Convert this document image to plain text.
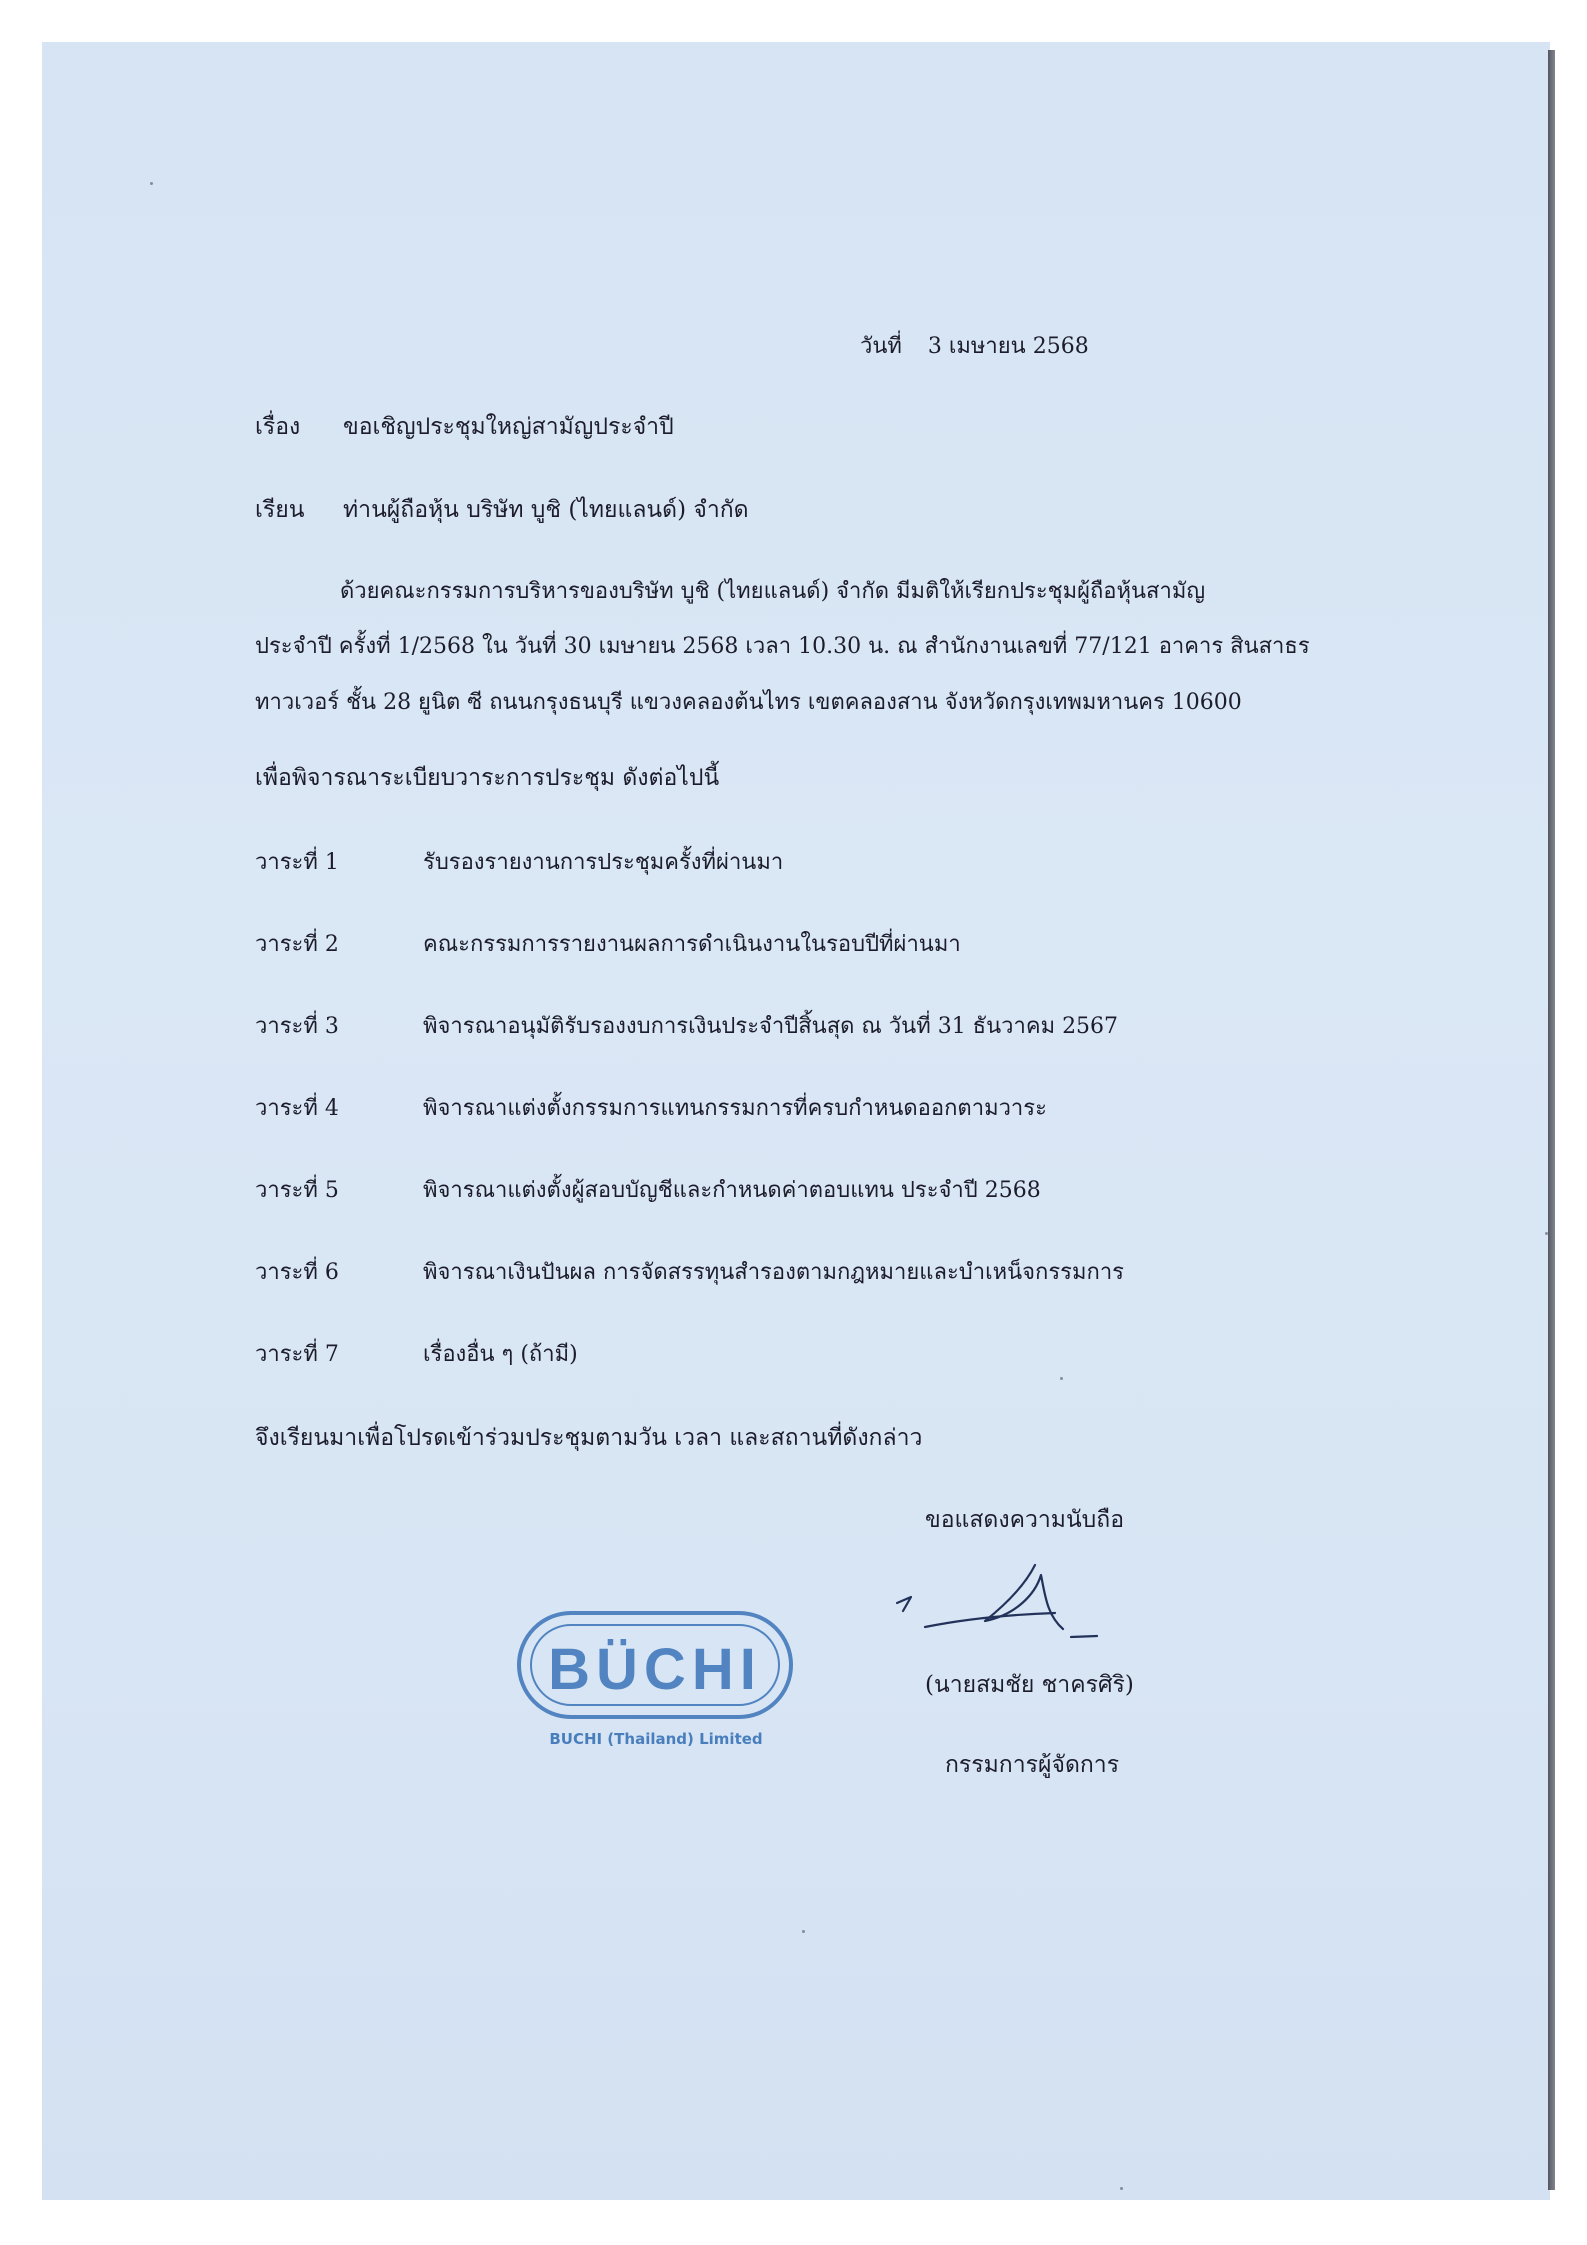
วันที่ 3 เมษายน 2568
เรื่อง ขอเชิญประชุมใหญ่สามัญประจำปี
เรียน ท่านผู้ถือหุ้น บริษัท บูชิ (ไทยแลนด์) จำกัด
ด้วยคณะกรรมการบริหารของบริษัท บูชิ (ไทยแลนด์) จำกัด มีมติให้เรียกประชุมผู้ถือหุ้นสามัญ
ประจำปี ครั้งที่ 1/2568 ใน วันที่ 30 เมษายน 2568 เวลา 10.30 น. ณ สำนักงานเลขที่ 77/121 อาคาร สินสาธร
ทาวเวอร์ ชั้น 28 ยูนิต ซี ถนนกรุงธนบุรี แขวงคลองต้นไทร เขตคลองสาน จังหวัดกรุงเทพมหานคร 10600
เพื่อพิจารณาระเบียบวาระการประชุม ดังต่อไปนี้
วาระที่ 1	รับรองรายงานการประชุมครั้งที่ผ่านมา
วาระที่ 2	คณะกรรมการรายงานผลการดำเนินงานในรอบปีที่ผ่านมา
วาระที่ 3	พิจารณาอนุมัติรับรองงบการเงินประจำปีสิ้นสุด ณ วันที่ 31 ธันวาคม 2567
วาระที่ 4	พิจารณาแต่งตั้งกรรมการแทนกรรมการที่ครบกำหนดออกตามวาระ
วาระที่ 5	พิจารณาแต่งตั้งผู้สอบบัญชีและกำหนดค่าตอบแทน ประจำปี 2568
วาระที่ 6	พิจารณาเงินปันผล การจัดสรรทุนสำรองตามกฎหมายและบำเหน็จกรรมการ
วาระที่ 7	เรื่องอื่น ๆ (ถ้ามี)
จึงเรียนมาเพื่อโปรดเข้าร่วมประชุมตามวัน เวลา และสถานที่ดังกล่าว
ขอแสดงความนับถือ
(นายสมชัย ชาครศิริ)
กรรมการผู้จัดการ
BÜCHI
BUCHI (Thailand) Limited
